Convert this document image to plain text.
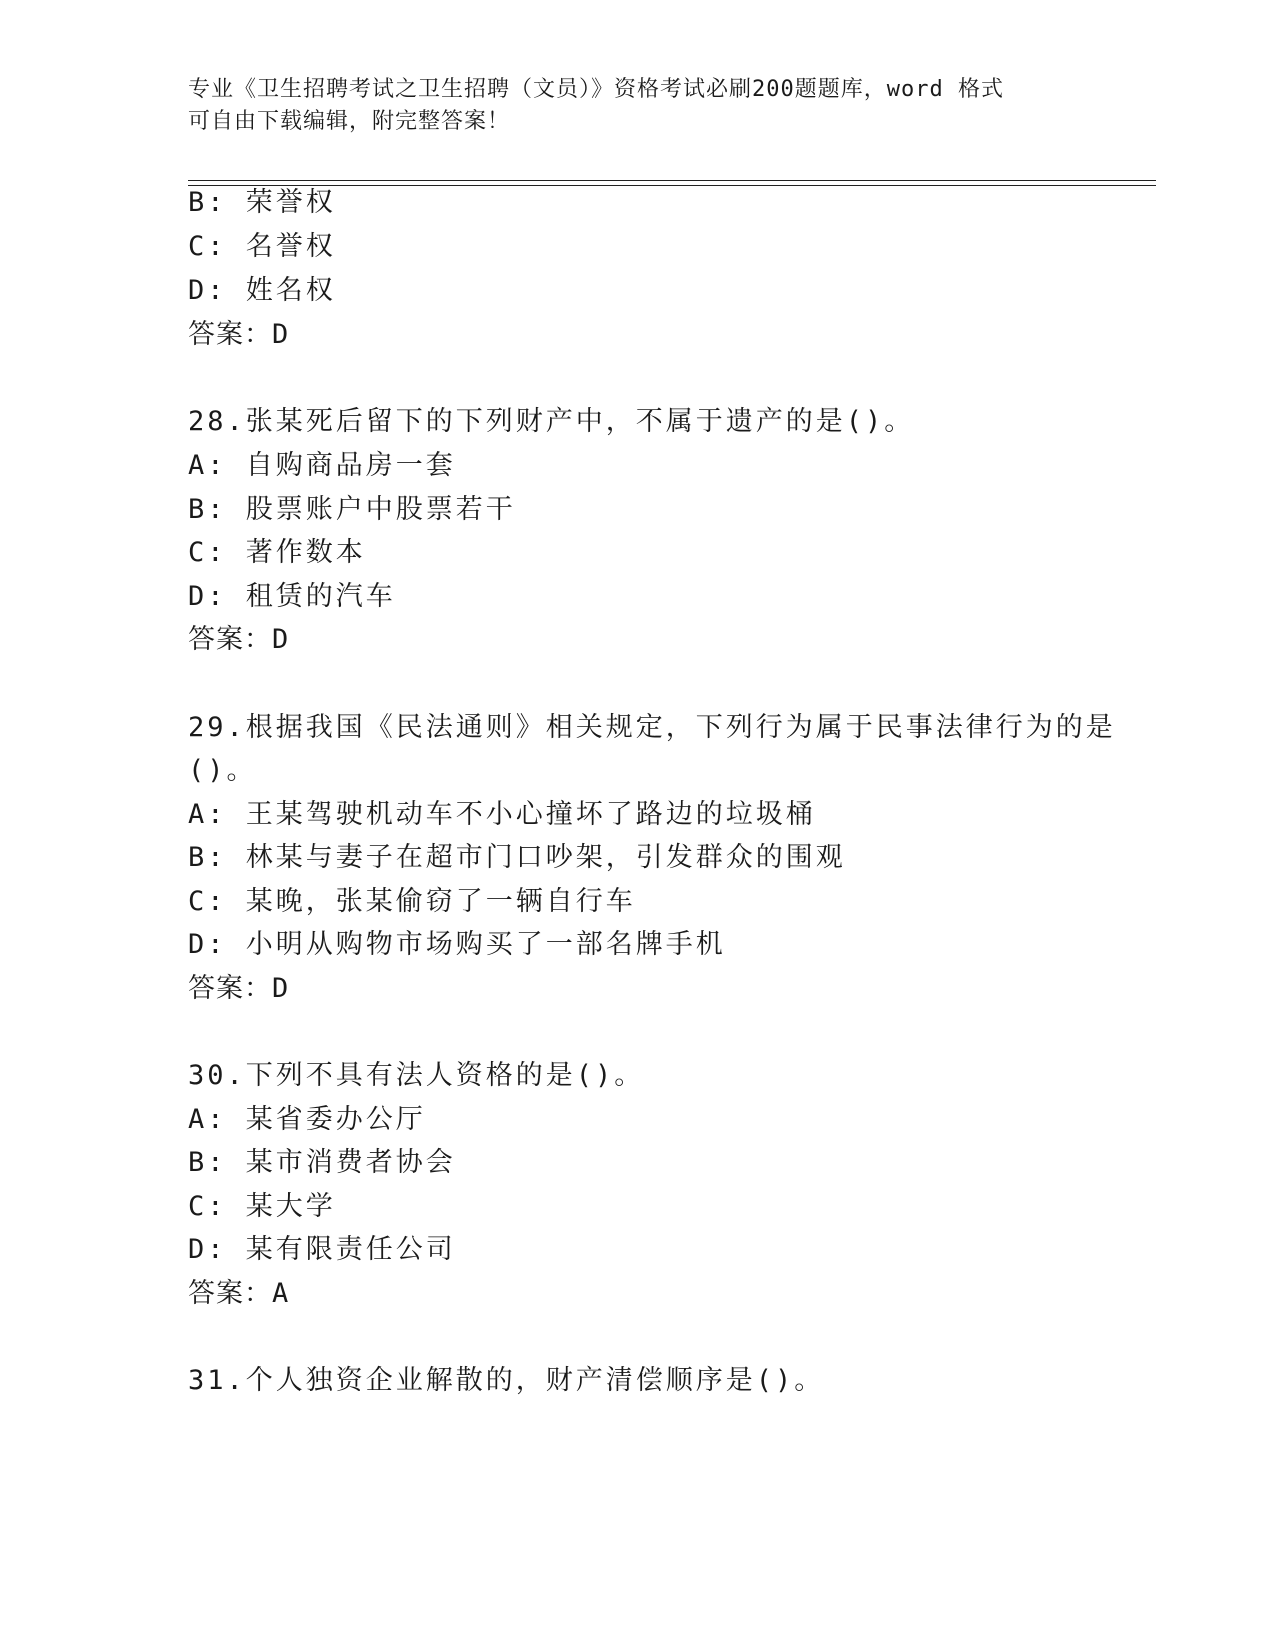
专业《卫生招聘考试之卫生招聘（文员）》资格考试必刷200题题库，word 格式
可自由下载编辑，附完整答案！
B: 荣誉权
C: 名誉权
D: 姓名权
答案：D
28.张某死后留下的下列财产中，不属于遗产的是()。
A: 自购商品房一套
B: 股票账户中股票若干
C: 著作数本
D: 租赁的汽车
答案：D
29.根据我国《民法通则》相关规定，下列行为属于民事法律行为的是
()。
A: 王某驾驶机动车不小心撞坏了路边的垃圾桶
B: 林某与妻子在超市门口吵架，引发群众的围观
C: 某晚，张某偷窃了一辆自行车
D: 小明从购物市场购买了一部名牌手机
答案：D
30.下列不具有法人资格的是()。
A: 某省委办公厅
B: 某市消费者协会
C: 某大学
D: 某有限责任公司
答案：A
31.个人独资企业解散的，财产清偿顺序是()。
